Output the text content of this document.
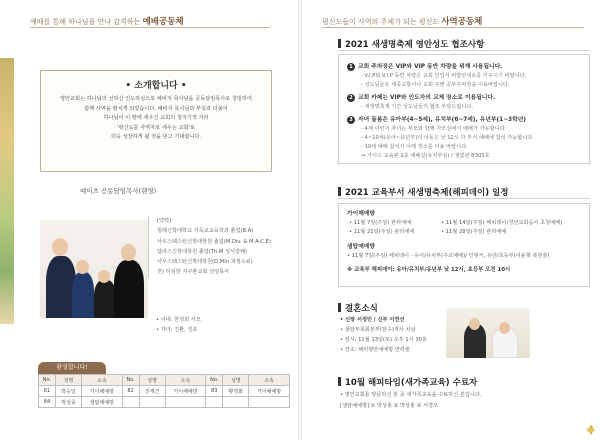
예배를 통해 하나님을 만나 감격하는 예배공동체
• 소개합니다 •
영안교회는 하나님의 선하신 인도하심으로 예비지 목사님을 공동담임목사로 청빙하여
함께 사역을 펼치게 되었습니다. 예비지 목사님과 부임과 더불어
하나님이 이 땅에 세우신 교회의 청지기적 자라
'평신도를 사역자로 세우는 교회'로
더욱 성장하게 될 것을 믿고 기대합니다.
예이츠 공동담임목사(랜영)
[약력]
침례신학대학교 기독교교육학과 졸업(B.A)
사우스웨스턴신학대학원 졸업(M.Div. & M.A.C.E)
달라스신학대학원 졸업(Th.M 성서강해)
사우스웨스턴신학대학원(D.Min 과정수료)
전) 하심한 지구촌교회 선임목사
• 아내: 한정희 사모
• 자녀: 진환, 진호
환영합니다!
No.	성명	소속	No.	성명	소속	No.	성명	소속
81	박승일	가이해예방	82	진세근	가이해예방	83	황정화	가이해예방
84	박성종	샘탑예예방						
평신도들이 사역의 주체가 되는 평신도 사역공동체
2021 새생명축제 영안성도 협조사항
1 교회 주차장은 VIP와 VIP 동반 차량을 위해 사용됩니다.
- V.I.P와 V.I.P 동반 차량은 교회 인입서 버방안내로를 키주시기 바랍니다.
- 성도님들은 대중교통이나 교회 주변 공부주차장을 이용바랍니다.
2 교회 카페는 VIP와 인도자의 교제 장소로 이용됩니다.
- 새생명축제 기간 성도님들의 협조 부탁드립니다.
3 자녀 돌봄은 유아부(4~5세), 유치부(6~7세), 유년부(1~3학년)
- 4세 이런이 자녀는 부모와 함께 자모실에서 예배가 가능합니다.
- 4~10세(유아~유년부)의 아동은 낮 12시 각 부서 예배에 참석 가능합니다.
- 10세 예배 참석시 아래 장소를 이용 바랍니다.
⇒ 가이드 교육관 2층 예배실(유치부실) / 샘빛관 B305호
2021 교육부서 새생명축제(해피데이) 일정
가이해예방
• 11월 7일(주일) 관리예예	• 11월 14일(주일) 해피데이(청년교회습사 초청예배)
• 11월 21일(주일) 관리예예	• 11월 28일(주일) 관리예예
샘탑예예방
• 11월 7일(주일) 해피데이 - 유아/유치부(주교예배)/ 인형극, 유년/초등부(어윤혁 복원술)
※ 교육부 해피데이: 유아/유치부/유년부 낮 12시, 초등부 오전 10시
결혼소식
• 신랑 서정민 / 신부 이연선
• 샘탑부목회본부(잠수)직사 차남
• 일시: 11월 13일(토) 오후 1시 30분
• 장소: 해미평안예예방 연락줄
10월 해피타임(새가족교육) 수료자
• 영안교회를 방문하신 분 중 새가족교육을 수료하신 분입니다.
[샘탑예예방] ① 박상홍 ② 박상홍 ③ 서경모
